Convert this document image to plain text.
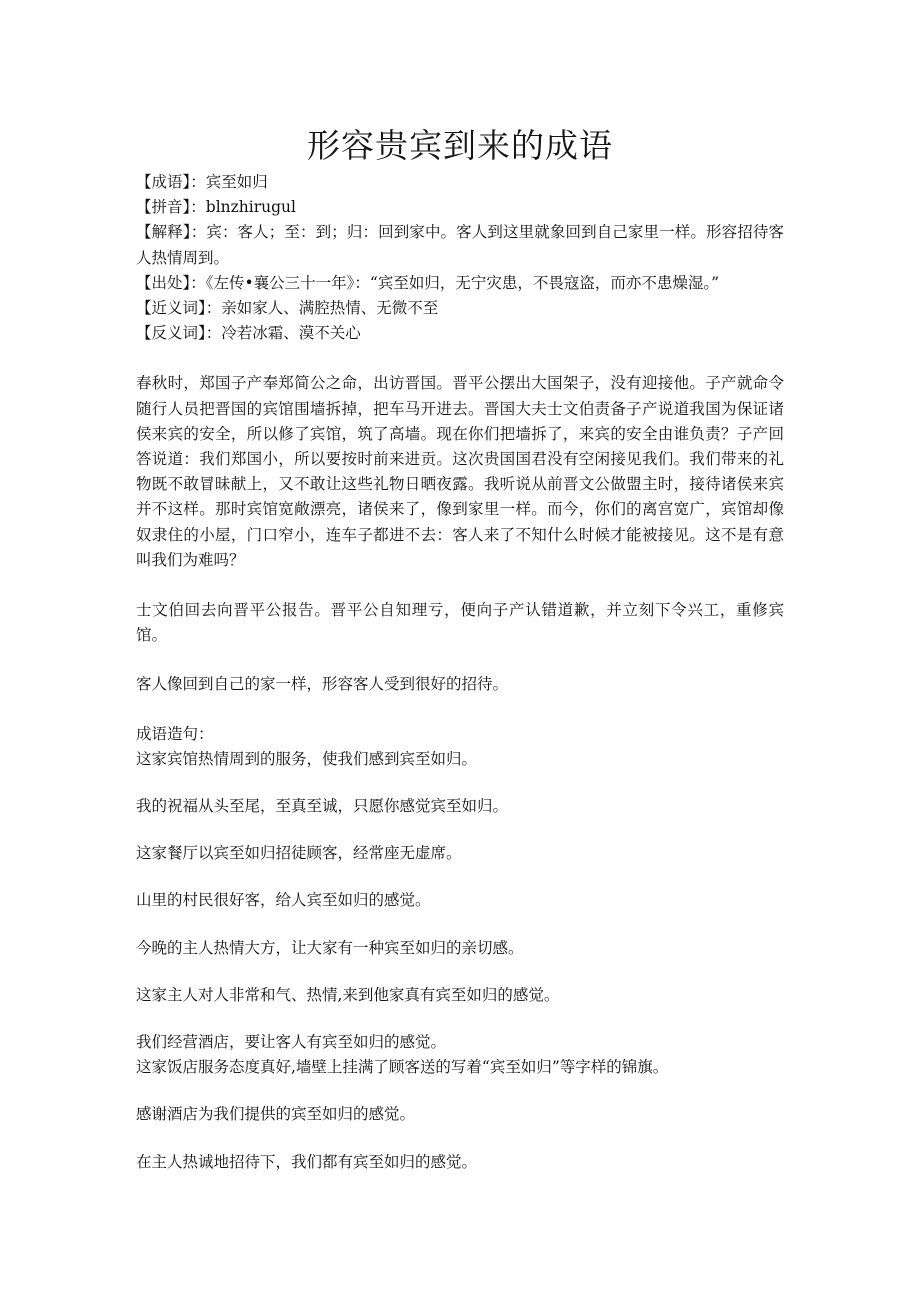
形容贵宾到来的成语

【成语】：宾至如归

【拼音】：blnzhirugul

【解释】：宾：客人；至：到；归：回到家中。客人到这里就象回到自己家里一样。形容招待客人热情周到。

【出处】：《左传•襄公三十一年》：“宾至如归，无宁灾患，不畏寇盗，而亦不患燥湿。”

【近义词】：亲如家人、满腔热情、无微不至

【反义词】：冷若冰霜、漠不关心

春秋时，郑国子产奉郑简公之命，出访晋国。晋平公摆出大国架子，没有迎接他。子产就命令随行人员把晋国的宾馆围墙拆掉，把车马开进去。晋国大夫士文伯责备子产说道我国为保证诸侯来宾的安全，所以修了宾馆，筑了高墙。现在你们把墙拆了，来宾的安全由谁负责？子产回答说道：我们郑国小，所以要按时前来进贡。这次贵国国君没有空闲接见我们。我们带来的礼物既不敢冒昧献上，又不敢让这些礼物日晒夜露。我听说从前晋文公做盟主时，接待诸侯来宾并不这样。那时宾馆宽敞漂亮，诸侯来了，像到家里一样。而今，你们的离宫宽广，宾馆却像奴隶住的小屋，门口窄小，连车子都进不去：客人来了不知什么时候才能被接见。这不是有意叫我们为难吗？

士文伯回去向晋平公报告。晋平公自知理亏，便向子产认错道歉，并立刻下令兴工，重修宾馆。

客人像回到自己的家一样，形容客人受到很好的招待。

成语造句：

这家宾馆热情周到的服务，使我们感到宾至如归。

我的祝福从头至尾，至真至诚，只愿你感觉宾至如归。

这家餐厅以宾至如归招徒顾客，经常座无虚席。

山里的村民很好客，给人宾至如归的感觉。

今晚的主人热情大方，让大家有一种宾至如归的亲切感。

这家主人对人非常和气、热情,来到他家真有宾至如归的感觉。

我们经营酒店，要让客人有宾至如归的感觉。

这家饭店服务态度真好,墙壁上挂满了顾客送的写着“宾至如归”等字样的锦旗。

感谢酒店为我们提供的宾至如归的感觉。

在主人热诚地招待下，我们都有宾至如归的感觉。
